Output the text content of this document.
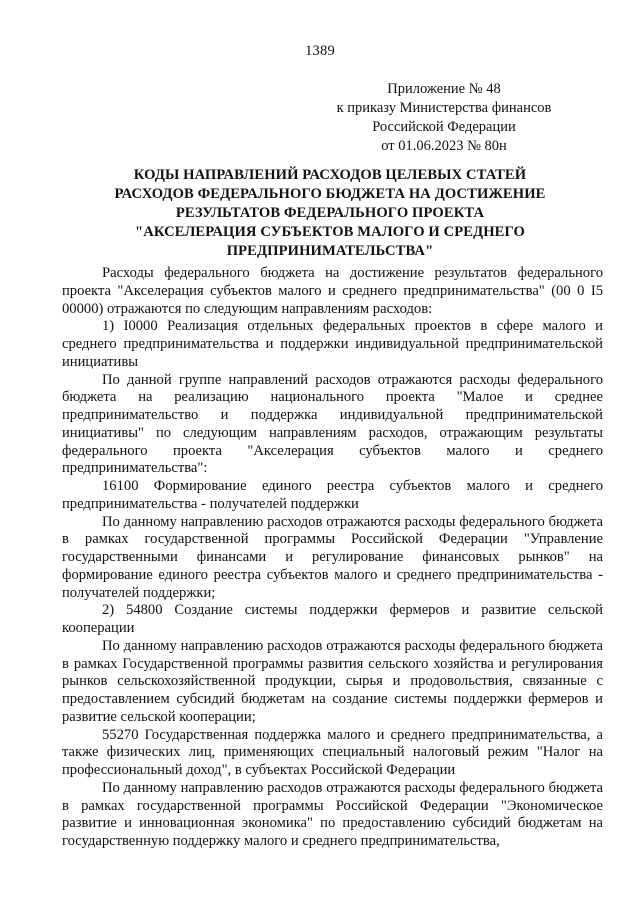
1389
Приложение № 48
к приказу Министерства финансов
Российской Федерации
от 01.06.2023 № 80н
КОДЫ НАПРАВЛЕНИЙ РАСХОДОВ ЦЕЛЕВЫХ СТАТЕЙ
РАСХОДОВ ФЕДЕРАЛЬНОГО БЮДЖЕТА НА ДОСТИЖЕНИЕ
РЕЗУЛЬТАТОВ ФЕДЕРАЛЬНОГО ПРОЕКТА
"АКСЕЛЕРАЦИЯ СУБЪЕКТОВ МАЛОГО И СРЕДНЕГО
ПРЕДПРИНИМАТЕЛЬСТВА"

Расходы федерального бюджета на достижение результатов федерального проекта "Акселерация субъектов малого и среднего предпринимательства" (00 0 I5 00000) отражаются по следующим направлениям расходов:

1) I0000 Реализация отдельных федеральных проектов в сфере малого и среднего предпринимательства и поддержки индивидуальной предпринимательской инициативы

По данной группе направлений расходов отражаются расходы федерального бюджета на реализацию национального проекта "Малое и среднее предпринимательство и поддержка индивидуальной предпринимательской инициативы" по следующим направлениям расходов, отражающим результаты федерального проекта "Акселерация субъектов малого и среднего предпринимательства":

16100 Формирование единого реестра субъектов малого и среднего предпринимательства - получателей поддержки

По данному направлению расходов отражаются расходы федерального бюджета в рамках государственной программы Российской Федерации "Управление государственными финансами и регулирование финансовых рынков" на формирование единого реестра субъектов малого и среднего предпринимательства - получателей поддержки;

2) 54800 Создание системы поддержки фермеров и развитие сельской кооперации

По данному направлению расходов отражаются расходы федерального бюджета в рамках Государственной программы развития сельского хозяйства и регулирования рынков сельскохозяйственной продукции, сырья и продовольствия, связанные с предоставлением субсидий бюджетам на создание системы поддержки фермеров и развитие сельской кооперации;

55270 Государственная поддержка малого и среднего предпринимательства, а также физических лиц, применяющих специальный налоговый режим "Налог на профессиональный доход", в субъектах Российской Федерации

По данному направлению расходов отражаются расходы федерального бюджета в рамках государственной программы Российской Федерации "Экономическое развитие и инновационная экономика" по предоставлению субсидий бюджетам на государственную поддержку малого и среднего предпринимательства,
